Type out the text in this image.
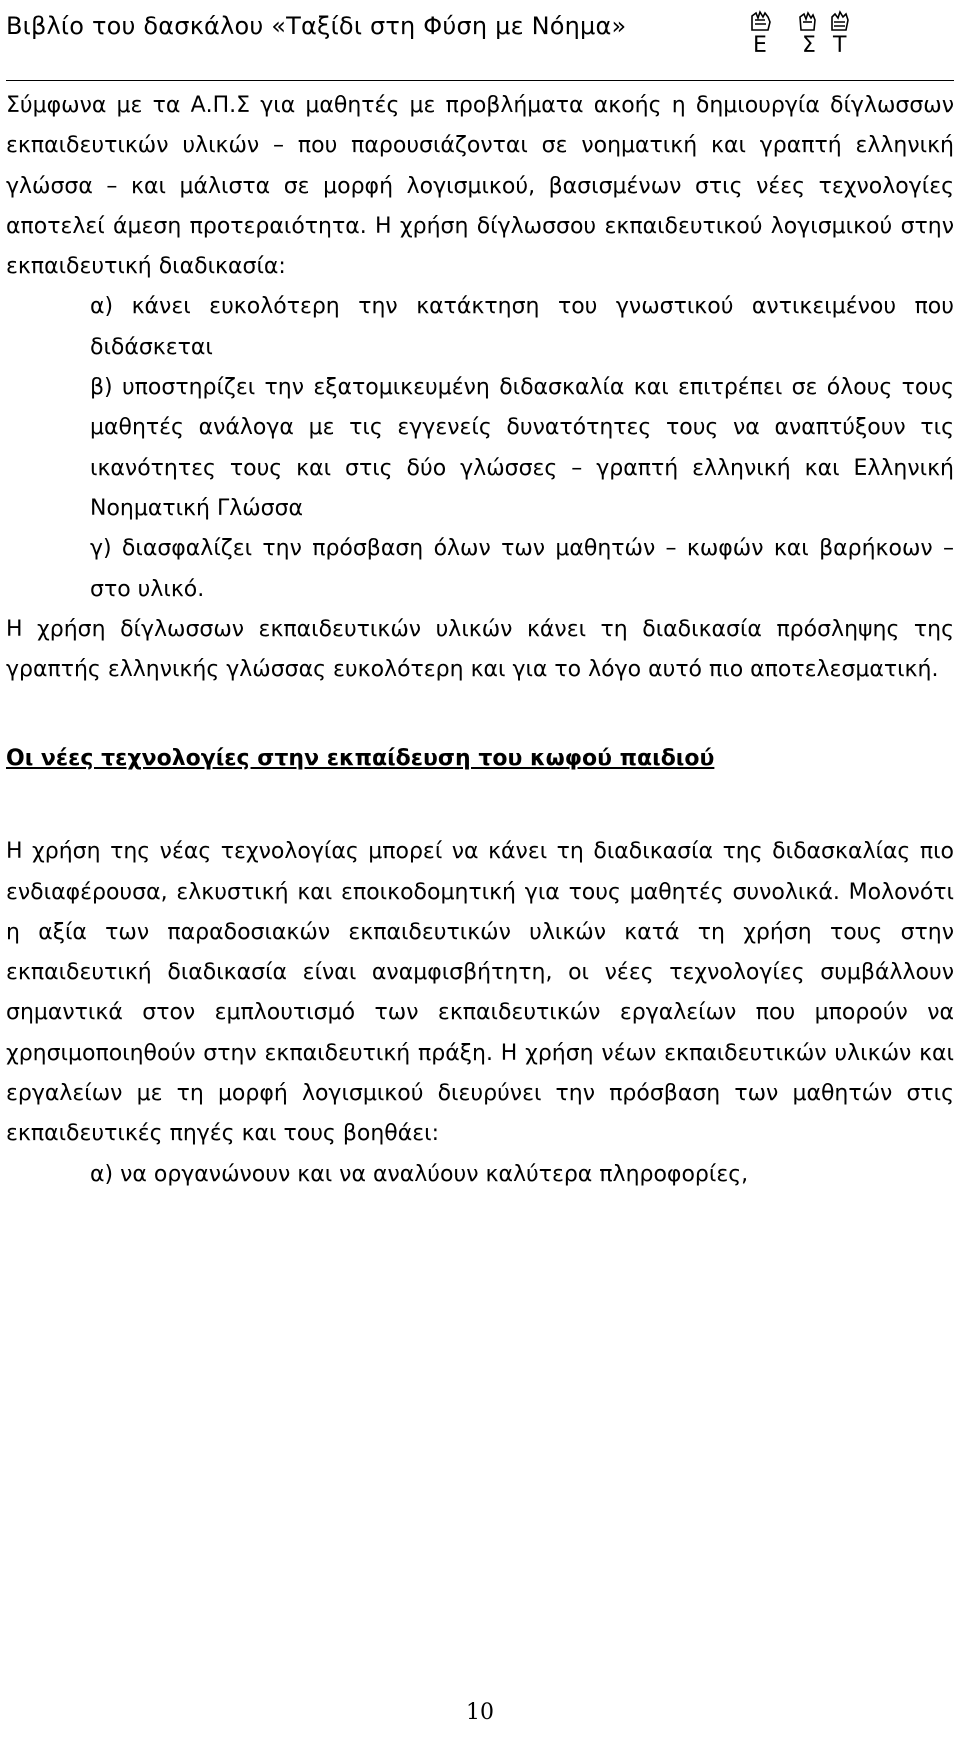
Βιβλίο του δασκάλου «Ταξίδι στη Φύση με Νόημα»
Ε Σ Τ

Σύμφωνα με τα Α.Π.Σ για μαθητές με προβλήματα ακοής η δημιουργία δίγλωσσων εκπαιδευτικών υλικών – που παρουσιάζονται σε νοηματική και γραπτή ελληνική γλώσσα – και μάλιστα σε μορφή λογισμικού, βασισμένων στις νέες τεχνολογίες αποτελεί άμεση προτεραιότητα. Η χρήση δίγλωσσου εκπαιδευτικού λογισμικού στην εκπαιδευτική διαδικασία:

α) κάνει ευκολότερη την κατάκτηση του γνωστικού αντικειμένου που διδάσκεται

β) υποστηρίζει την εξατομικευμένη διδασκαλία και επιτρέπει σε όλους τους μαθητές ανάλογα με τις εγγενείς δυνατότητες τους να αναπτύξουν τις ικανότητες τους και στις δύο γλώσσες – γραπτή ελληνική και Ελληνική Νοηματική Γλώσσα

γ) διασφαλίζει την πρόσβαση όλων των μαθητών – κωφών και βαρήκοων – στο υλικό.

Η χρήση δίγλωσσων εκπαιδευτικών υλικών κάνει τη διαδικασία πρόσληψης της γραπτής ελληνικής γλώσσας ευκολότερη και για το λόγο αυτό πιο αποτελεσματική.

Οι νέες τεχνολογίες στην εκπαίδευση του κωφού παιδιού

Η χρήση της νέας τεχνολογίας μπορεί να κάνει τη διαδικασία της διδασκαλίας πιο ενδιαφέρουσα, ελκυστική και εποικοδομητική για τους μαθητές συνολικά. Μολονότι η αξία των παραδοσιακών εκπαιδευτικών υλικών κατά τη χρήση τους στην εκπαιδευτική διαδικασία είναι αναμφισβήτητη, οι νέες τεχνολογίες συμβάλλουν σημαντικά στον εμπλουτισμό των εκπαιδευτικών εργαλείων που μπορούν να χρησιμοποιηθούν στην εκπαιδευτική πράξη. Η χρήση νέων εκπαιδευτικών υλικών και εργαλείων με τη μορφή λογισμικού διευρύνει την πρόσβαση των μαθητών στις εκπαιδευτικές πηγές και τους βοηθάει:

α) να οργανώνουν και να αναλύουν καλύτερα πληροφορίες,

10
